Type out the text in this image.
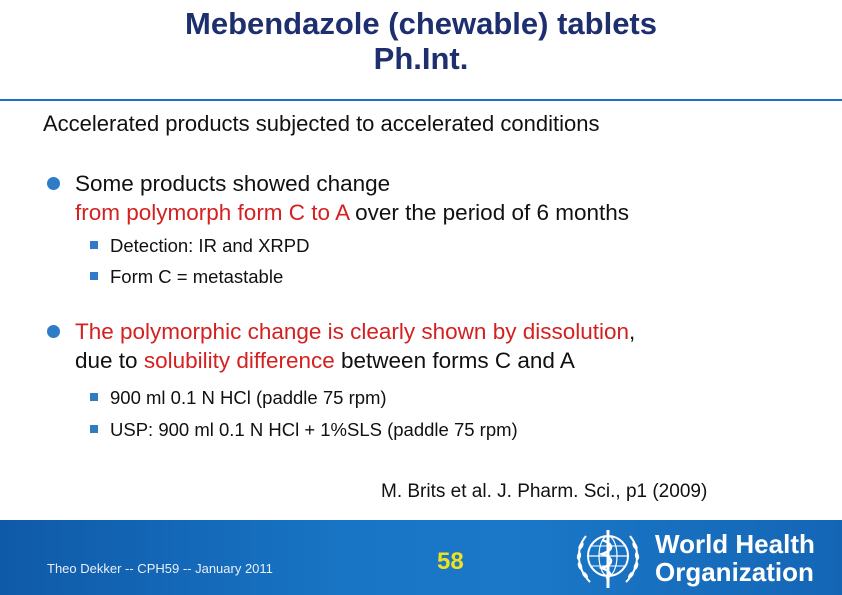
Mebendazole (chewable) tablets
Ph.Int.
Accelerated products subjected to accelerated conditions
Some products showed change
from polymorph form C to A over the period of 6 months
Detection: IR and XRPD
Form C = metastable
The polymorphic change is clearly shown by dissolution,
due to solubility difference between forms C and A
900 ml 0.1 N HCl (paddle 75 rpm)
USP: 900 ml 0.1 N HCl + 1%SLS (paddle 75 rpm)
M. Brits et al. J. Pharm. Sci., p1 (2009)
Theo Dekker -- CPH59 -- January 2011	58
World Health
Organization
